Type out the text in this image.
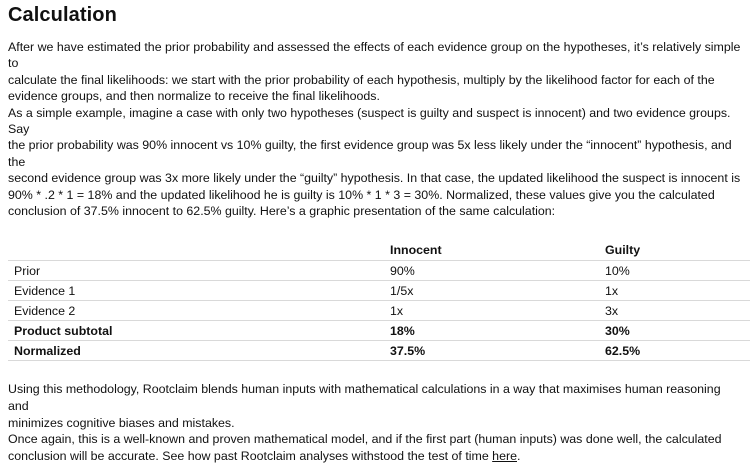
Calculation

After we have estimated the prior probability and assessed the effects of each evidence group on the hypotheses, it’s relatively simple to
calculate the final likelihoods: we start with the prior probability of each hypothesis, multiply by the likelihood factor for each of the
evidence groups, and then normalize to receive the final likelihoods.
As a simple example, imagine a case with only two hypotheses (suspect is guilty and suspect is innocent) and two evidence groups. Say
the prior probability was 90% innocent vs 10% guilty, the first evidence group was 5x less likely under the “innocent” hypothesis, and the
second evidence group was 3x more likely under the “guilty” hypothesis. In that case, the updated likelihood the suspect is innocent is
90% * .2 * 1 = 18% and the updated likelihood he is guilty is 10% * 1 * 3 = 30%. Normalized, these values give you the calculated
conclusion of 37.5% innocent to 62.5% guilty. Here’s a graphic presentation of the same calculation:

	Innocent	Guilty
Prior	90%	10%
Evidence 1	1/5x	1x
Evidence 2	1x	3x
Product subtotal	18%	30%
Normalized	37.5%	62.5%

Using this methodology, Rootclaim blends human inputs with mathematical calculations in a way that maximises human reasoning and
minimizes cognitive biases and mistakes.
Once again, this is a well-known and proven mathematical model, and if the first part (human inputs) was done well, the calculated
conclusion will be accurate. See how past Rootclaim analyses withstood the test of time here.
